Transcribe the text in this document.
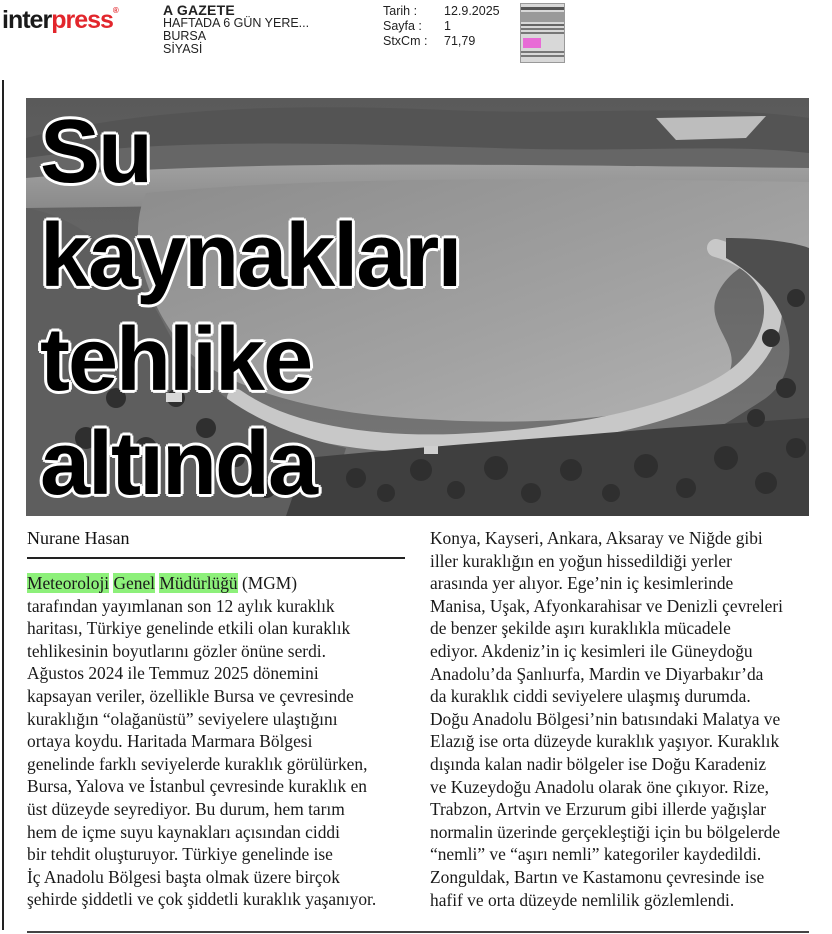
interpress®	A GAZETE
HAFTADA 6 GÜN YERE...
BURSA
SİYASİ
Tarih :	12.9.2025
Sayfa :	1
StxCm :	71,79
Su
kaynakları
tehlike
altında
Nurane Hasan
Meteoroloji Genel Müdürlüğü (MGM)
tarafından yayımlanan son 12 aylık kuraklık
haritası, Türkiye genelinde etkili olan kuraklık
tehlikesinin boyutlarını gözler önüne serdi.
Ağustos 2024 ile Temmuz 2025 dönemini
kapsayan veriler, özellikle Bursa ve çevresinde
kuraklığın “olağanüstü” seviyelere ulaştığını
ortaya koydu. Haritada Marmara Bölgesi
genelinde farklı seviyelerde kuraklık görülürken,
Bursa, Yalova ve İstanbul çevresinde kuraklık en
üst düzeyde seyrediyor. Bu durum, hem tarım
hem de içme suyu kaynakları açısından ciddi
bir tehdit oluşturuyor. Türkiye genelinde ise
İç Anadolu Bölgesi başta olmak üzere birçok
şehirde şiddetli ve çok şiddetli kuraklık yaşanıyor.
Konya, Kayseri, Ankara, Aksaray ve Niğde gibi
iller kuraklığın en yoğun hissedildiği yerler
arasında yer alıyor. Ege’nin iç kesimlerinde
Manisa, Uşak, Afyonkarahisar ve Denizli çevreleri
de benzer şekilde aşırı kuraklıkla mücadele
ediyor. Akdeniz’in iç kesimleri ile Güneydoğu
Anadolu’da Şanlıurfa, Mardin ve Diyarbakır’da
da kuraklık ciddi seviyelere ulaşmış durumda.
Doğu Anadolu Bölgesi’nin batısındaki Malatya ve
Elazığ ise orta düzeyde kuraklık yaşıyor. Kuraklık
dışında kalan nadir bölgeler ise Doğu Karadeniz
ve Kuzeydoğu Anadolu olarak öne çıkıyor. Rize,
Trabzon, Artvin ve Erzurum gibi illerde yağışlar
normalin üzerinde gerçekleştiği için bu bölgelerde
“nemli” ve “aşırı nemli” kategoriler kaydedildi.
Zonguldak, Bartın ve Kastamonu çevresinde ise
hafif ve orta düzeyde nemlilik gözlemlendi.
